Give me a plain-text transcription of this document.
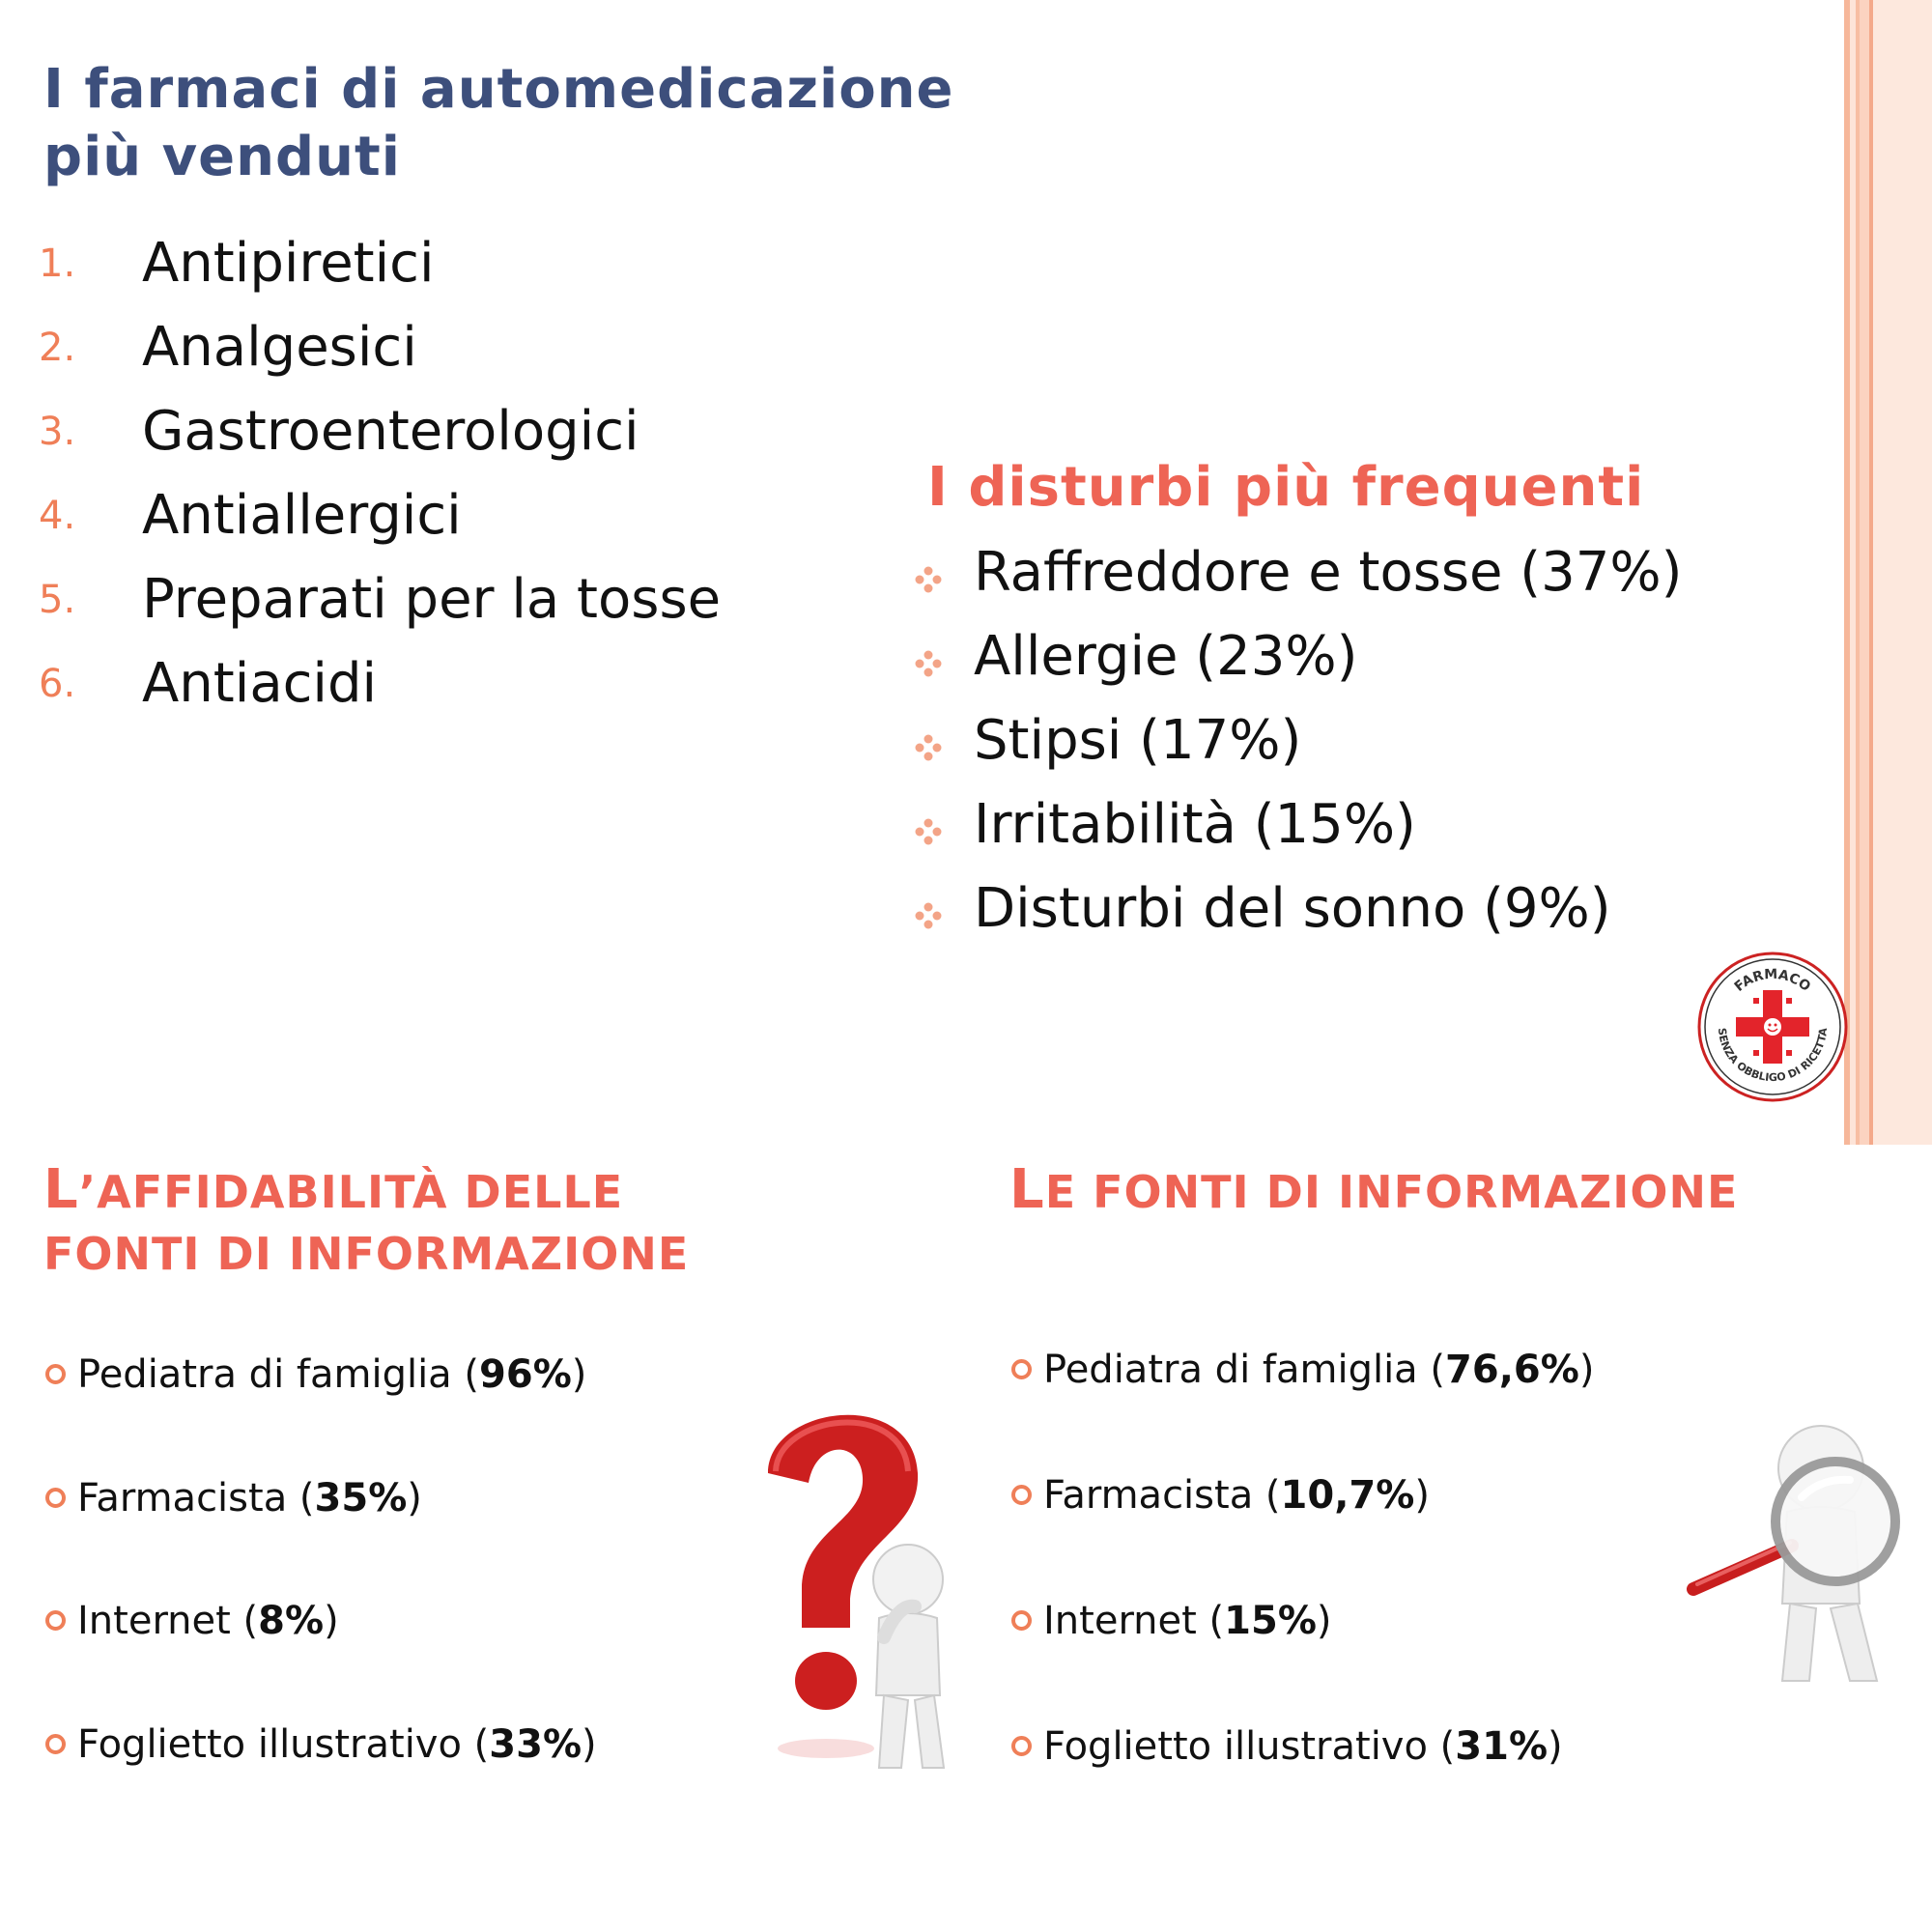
I farmaci di automedicazione
più venduti
1. Antipiretici
2. Analgesici
3. Gastroenterologici
4. Antiallergici
5. Preparati per la tosse
6. Antiacidi
I disturbi più frequenti
Raffreddore e tosse (37%)
Allergie (23%)
Stipsi (17%)
Irritabilità (15%)
Disturbi del sonno (9%)
FARMACO
SENZA OBBLIGO DI RICETTA
L’AFFIDABILITÀ DELLE
FONTI DI INFORMAZIONE
Pediatra di famiglia (96%)
Farmacista (35%)
Internet (8%)
Foglietto illustrativo (33%)
LE FONTI DI INFORMAZIONE
Pediatra di famiglia (76,6%)
Farmacista (10,7%)
Internet (15%)
Foglietto illustrativo (31%)
